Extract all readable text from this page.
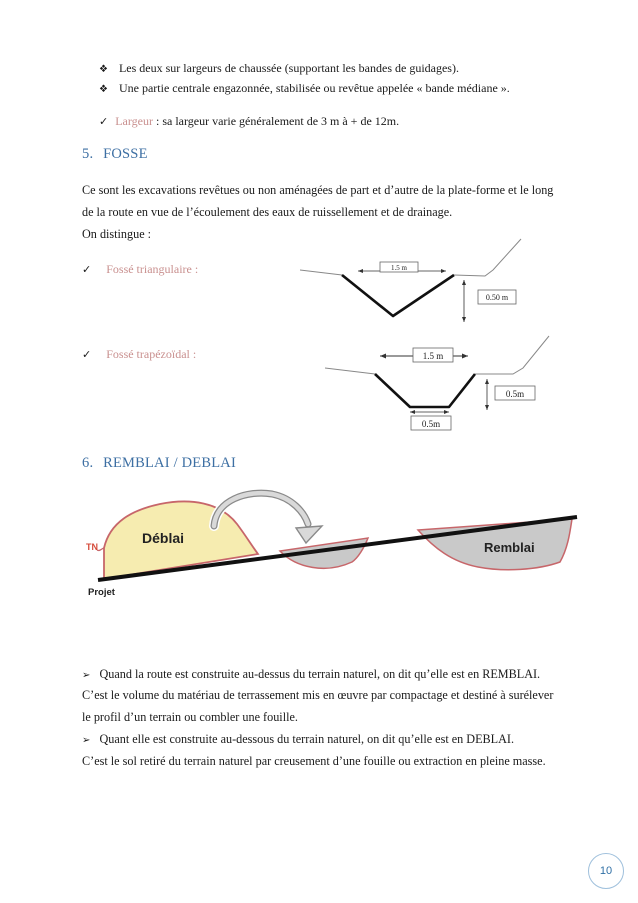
❖ Les deux sur largeurs de chaussée (supportant les bandes de guidages).
❖ Une partie centrale engazonnée, stabilisée ou revêtue appelée « bande médiane ».
✓ Largeur : sa largeur varie généralement de 3 m à + de 12m.
5. FOSSE
Ce sont les excavations revêtues ou non aménagées de part et d’autre de la plate-forme et le long
de la route en vue de l’écoulement des eaux de ruissellement et de drainage.
On distingue :
✓ Fossé triangulaire :
✓ Fossé trapézoïdal :
1.5 m
0.50 m
1.5 m
0.5m
0.5m
6. REMBLAI / DEBLAI
TN
Déblai
Remblai
Projet
➢ Quand la route est construite au-dessus du terrain naturel, on dit qu’elle est en REMBLAI.
C’est le volume du matériau de terrassement mis en œuvre par compactage et destiné à surélever
le profil d’un terrain ou combler une fouille.
➢ Quant elle est construite au-dessous du terrain naturel, on dit qu’elle est en DEBLAI.
C’est le sol retiré du terrain naturel par creusement d’une fouille ou extraction en pleine masse.
10
